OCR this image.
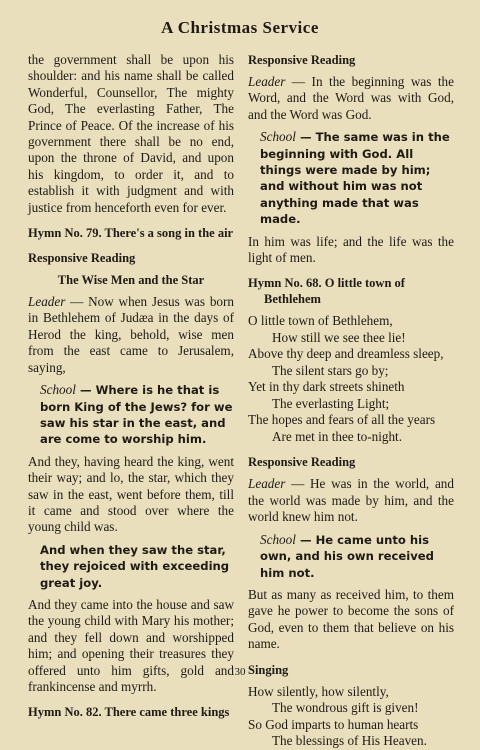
A Christmas Service

the government shall be upon his shoulder: and his name shall be called Wonderful, Counsellor, The mighty God, The everlasting Father, The Prince of Peace. Of the increase of his government there shall be no end, upon the throne of David, and upon his kingdom, to order it, and to establish it with judgment and with justice from henceforth even for ever.

Hymn No. 79. There's a song in the air

Responsive Reading

The Wise Men and the Star

Leader — Now when Jesus was born in Bethlehem of Judæa in the days of Herod the king, behold, wise men from the east came to Jerusalem, saying,

School — Where is he that is born King of the Jews? for we saw his star in the east, and are come to worship him.

And they, having heard the king, went their way; and lo, the star, which they saw in the east, went before them, till it came and stood over where the young child was.

And when they saw the star, they rejoiced with exceeding great joy.

And they came into the house and saw the young child with Mary his mother; and they fell down and worshipped him; and opening their treasures they offered unto him gifts, gold and frankincense and myrrh.

Hymn No. 82. There came three kings

Responsive Reading

Leader — In the beginning was the Word, and the Word was with God, and the Word was God.

School — The same was in the beginning with God. All things were made by him; and without him was not anything made that was made.

In him was life; and the life was the light of men.

Hymn No. 68. O little town of Bethlehem

O little town of Bethlehem,

How still we see thee lie!

Above thy deep and dreamless sleep,

The silent stars go by;

Yet in thy dark streets shineth

The everlasting Light;

The hopes and fears of all the years

Are met in thee to-night.

Responsive Reading

Leader — He was in the world, and the world was made by him, and the world knew him not.

School — He came unto his own, and his own received him not.

But as many as received him, to them gave he power to become the sons of God, even to them that believe on his name.

Singing

How silently, how silently,

The wondrous gift is given!

So God imparts to human hearts

The blessings of His Heaven.

30
